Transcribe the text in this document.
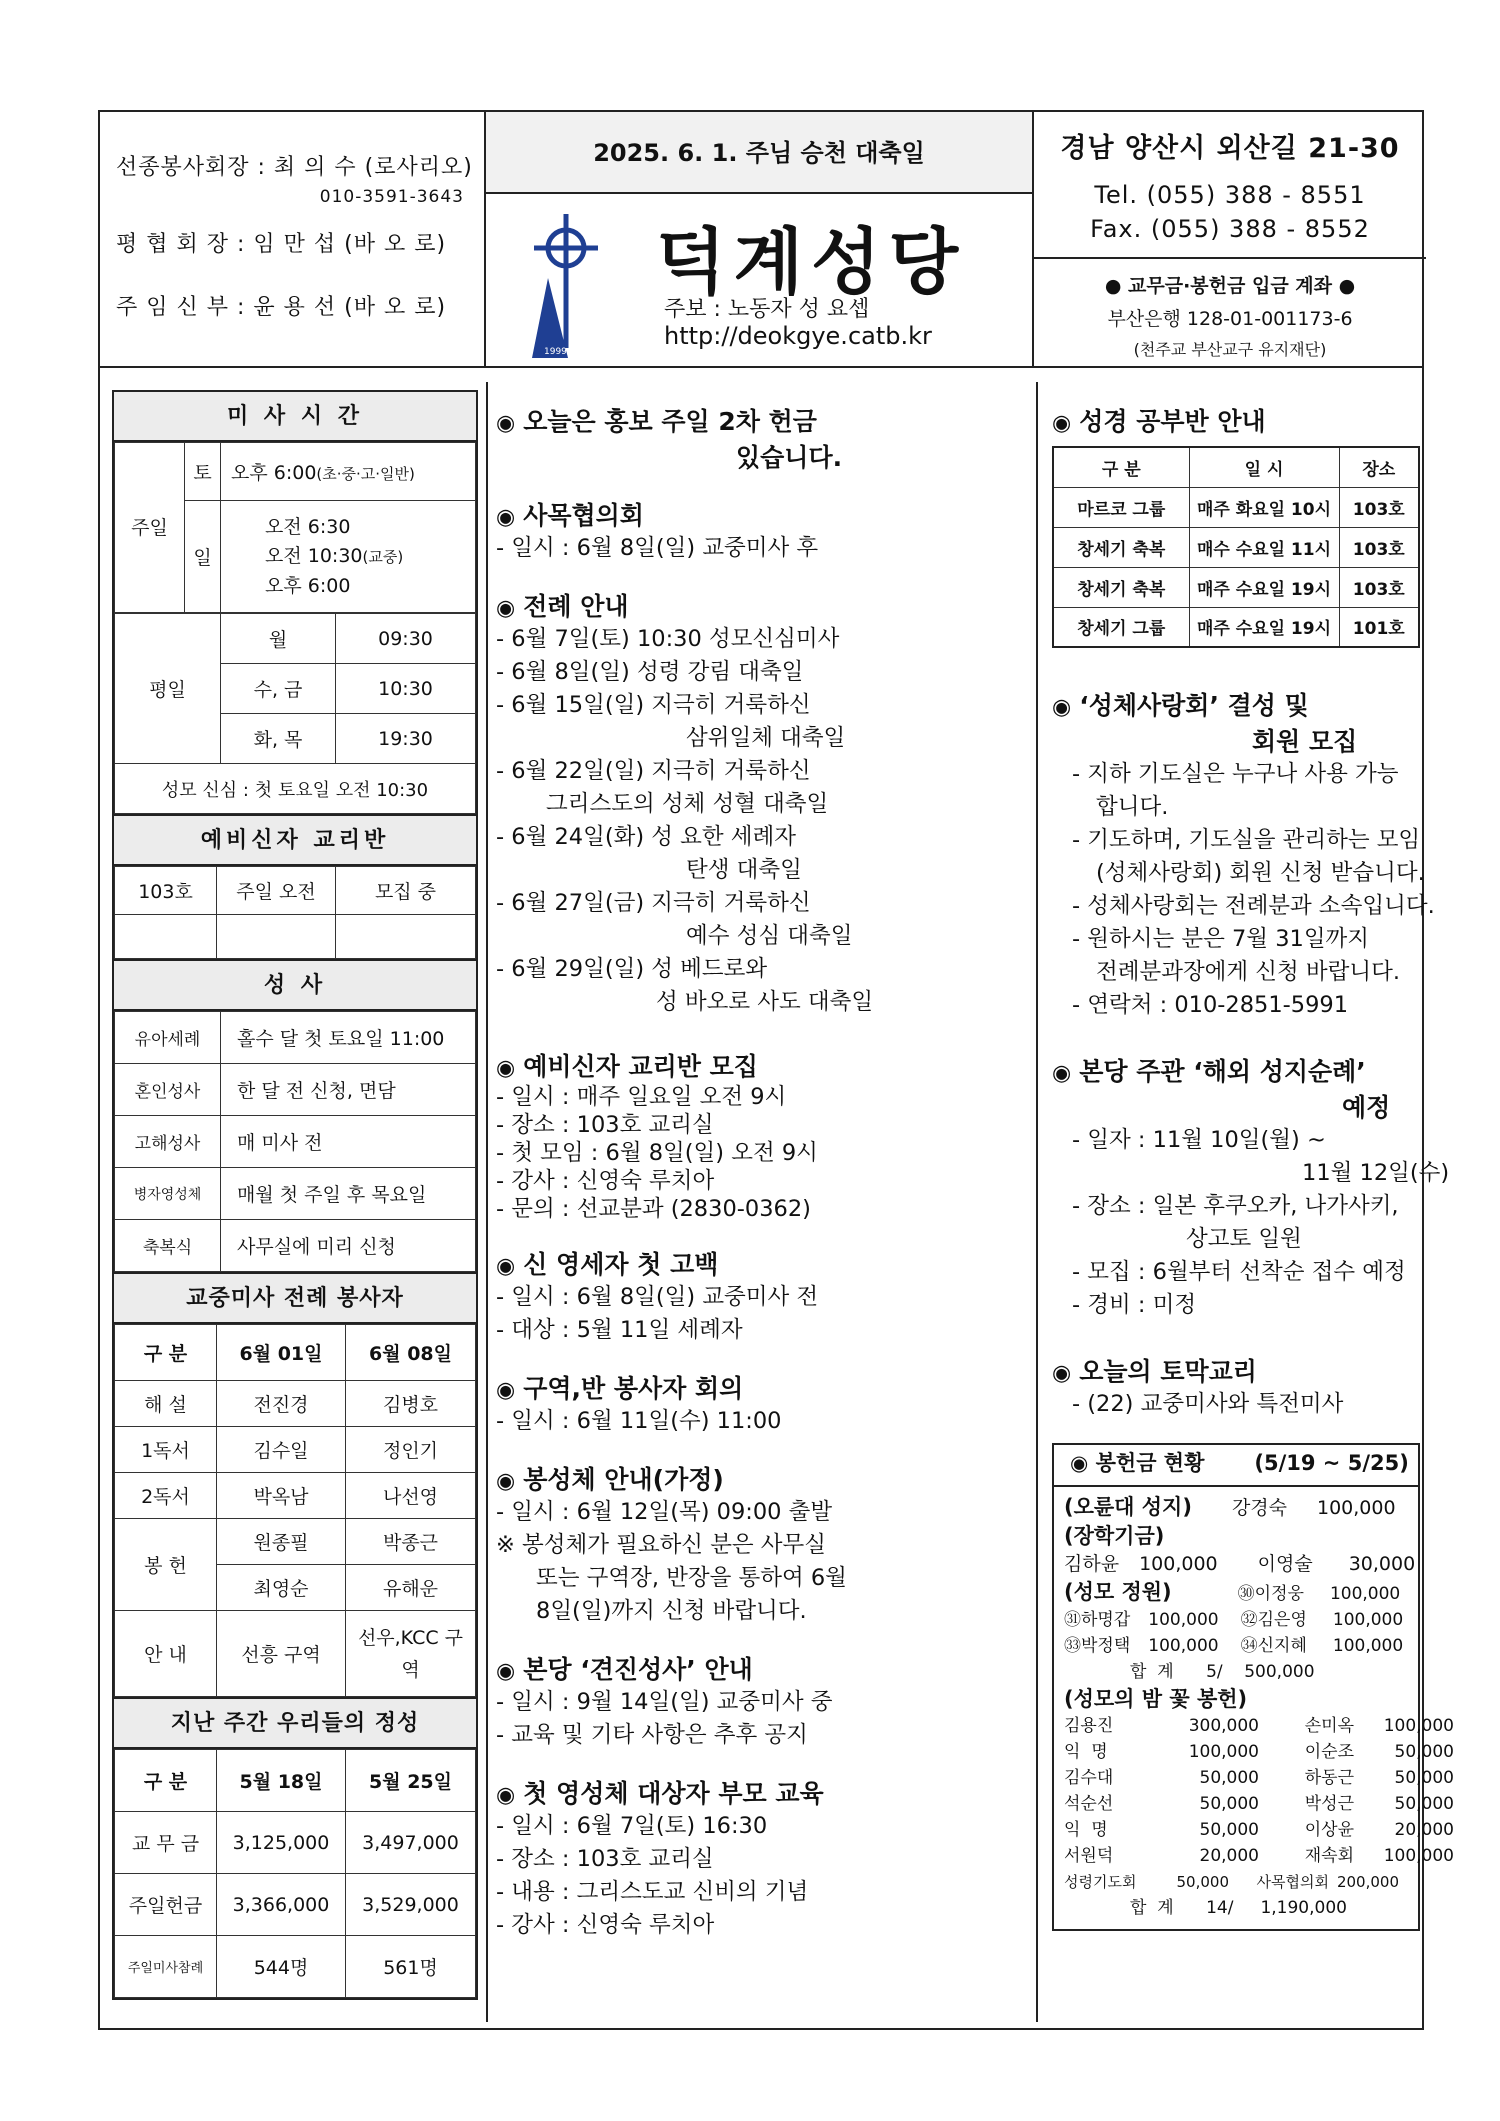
선종봉사회장 : 최 의 수 (로사리오)
010-3591-3643
평 협 회 장 : 임 만 섭 (바 오 로)
주 임 신 부 : 윤 용 선 (바 오 로)
2025. 6. 1. 주님 승천 대축일
1999
덕계성당
주보 : 노동자 성 요셉
http://deokgye.catb.kr
경남 양산시 외산길 21-30
Tel. (055) 388 - 8551
Fax. (055) 388 - 8552
● 교무금·봉헌금 입금 계좌 ●
부산은행 128-01-001173-6
(천주교 부산교구 유지재단)
미 사 시 간
주일	토	오후 6:00(초·중·고·일반)
	일	오전 6:30
오전 10:30(교중)
오후 6:00
평일	월	09:30
	수, 금	10:30
	화, 목	19:30
성모 신심 : 첫 토요일 오전 10:30		
예비신자 교리반
103호	주일 오전	모집 중

성 사
유아세례	홀수 달 첫 토요일 11:00
혼인성사	한 달 전 신청, 면담
고해성사	매 미사 전
병자영성체	매월 첫 주일 후 목요일
축복식	사무실에 미리 신청
교중미사 전례 봉사자
구 분	6월 01일	6월 08일
해 설	전진경	김병호
1독서	김수일	정인기
2독서	박옥남	나선영
봉 헌	원종필	박종근
	최영순	유해운
안 내	선흥 구역	선우,KCC 구역
지난 주간 우리들의 정성
구 분	5월 18일	5월 25일
교 무 금	3,125,000	3,497,000
주일헌금	3,366,000	3,529,000
주일미사참례	544명	561명
◉ 오늘은 홍보 주일 2차 헌금
있습니다.
◉ 사목협의회
- 일시 : 6월 8일(일) 교중미사 후
◉ 전례 안내
- 6월 7일(토) 10:30 성모신심미사
- 6월 8일(일) 성령 강림 대축일
- 6월 15일(일) 지극히 거룩하신
삼위일체 대축일
- 6월 22일(일) 지극히 거룩하신
그리스도의 성체 성혈 대축일
- 6월 24일(화) 성 요한 세례자
탄생 대축일
- 6월 27일(금) 지극히 거룩하신
예수 성심 대축일
- 6월 29일(일) 성 베드로와
성 바오로 사도 대축일
◉ 예비신자 교리반 모집
- 일시 : 매주 일요일 오전 9시
- 장소 : 103호 교리실
- 첫 모임 : 6월 8일(일) 오전 9시
- 강사 : 신영숙 루치아
- 문의 : 선교분과 (2830-0362)
◉ 신 영세자 첫 고백
- 일시 : 6월 8일(일) 교중미사 전
- 대상 : 5월 11일 세례자
◉ 구역,반 봉사자 회의
- 일시 : 6월 11일(수) 11:00
◉ 봉성체 안내(가정)
- 일시 : 6월 12일(목) 09:00 출발
※ 봉성체가 필요하신 분은 사무실
또는 구역장, 반장을 통하여 6월
8일(일)까지 신청 바랍니다.
◉ 본당 ‘견진성사’ 안내
- 일시 : 9월 14일(일) 교중미사 중
- 교육 및 기타 사항은 추후 공지
◉ 첫 영성체 대상자 부모 교육
- 일시 : 6월 7일(토) 16:30
- 장소 : 103호 교리실
- 내용 : 그리스도교 신비의 기념
- 강사 : 신영숙 루치아
◉ 성경 공부반 안내
구 분	일 시	장소
마르코 그룹	매주 화요일 10시	103호
창세기 축복	매수 수요일 11시	103호
창세기 축복	매주 수요일 19시	103호
창세기 그룹	매주 수요일 19시	101호
◉ ‘성체사랑회’ 결성 및
회원 모집
- 지하 기도실은 누구나 사용 가능
합니다.
- 기도하며, 기도실을 관리하는 모임
(성체사랑회) 회원 신청 받습니다.
- 성체사랑회는 전례분과 소속입니다.
- 원하시는 분은 7월 31일까지
전례분과장에게 신청 바랍니다.
- 연락처 : 010-2851-5991
◉ 본당 주관 ‘해외 성지순례’
예정
- 일자 : 11월 10일(월) ~
11월 12일(수)
- 장소 : 일본 후쿠오카, 나가사키,
상고토 일원
- 모집 : 6월부터 선착순 접수 예정
- 경비 : 미정
◉ 오늘의 토막교리
- (22) 교중미사와 특전미사
◉ 봉헌금 현황 (5/19 ~ 5/25)
(오륜대 성지) 강경숙 100,000
(장학기금)
김하윤 100,000 이영술 30,000
(성모 정원)	㉚이정웅 100,000
㉛하명갑 100,000 ㉜김은영 100,000
㉝박정택 100,000 ㉞신지혜 100,000
합  계      5/    500,000
(성모의 밤 꽃 봉헌)
김용진	300,000	손미옥 100,000
익  명	100,000	이순조 50,000
김수대	50,000	하동근 50,000
석순선	50,000	박성근 50,000
익  명	50,000	이상윤 20,000
서원덕	20,000	재속회 100,000
성령기도회	50,000 사목협의회 200,000
합  계      14/     1,190,000
